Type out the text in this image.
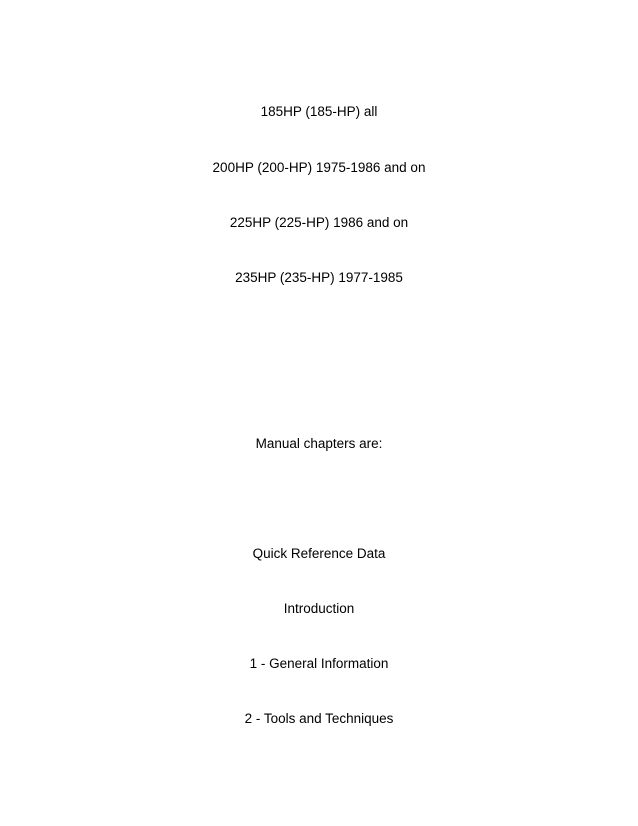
185HP (185-HP) all
200HP (200-HP) 1975-1986 and on
225HP (225-HP) 1986 and on
235HP (235-HP) 1977-1985
Manual chapters are:
Quick Reference Data
Introduction
1 - General Information
2 - Tools and Techniques
